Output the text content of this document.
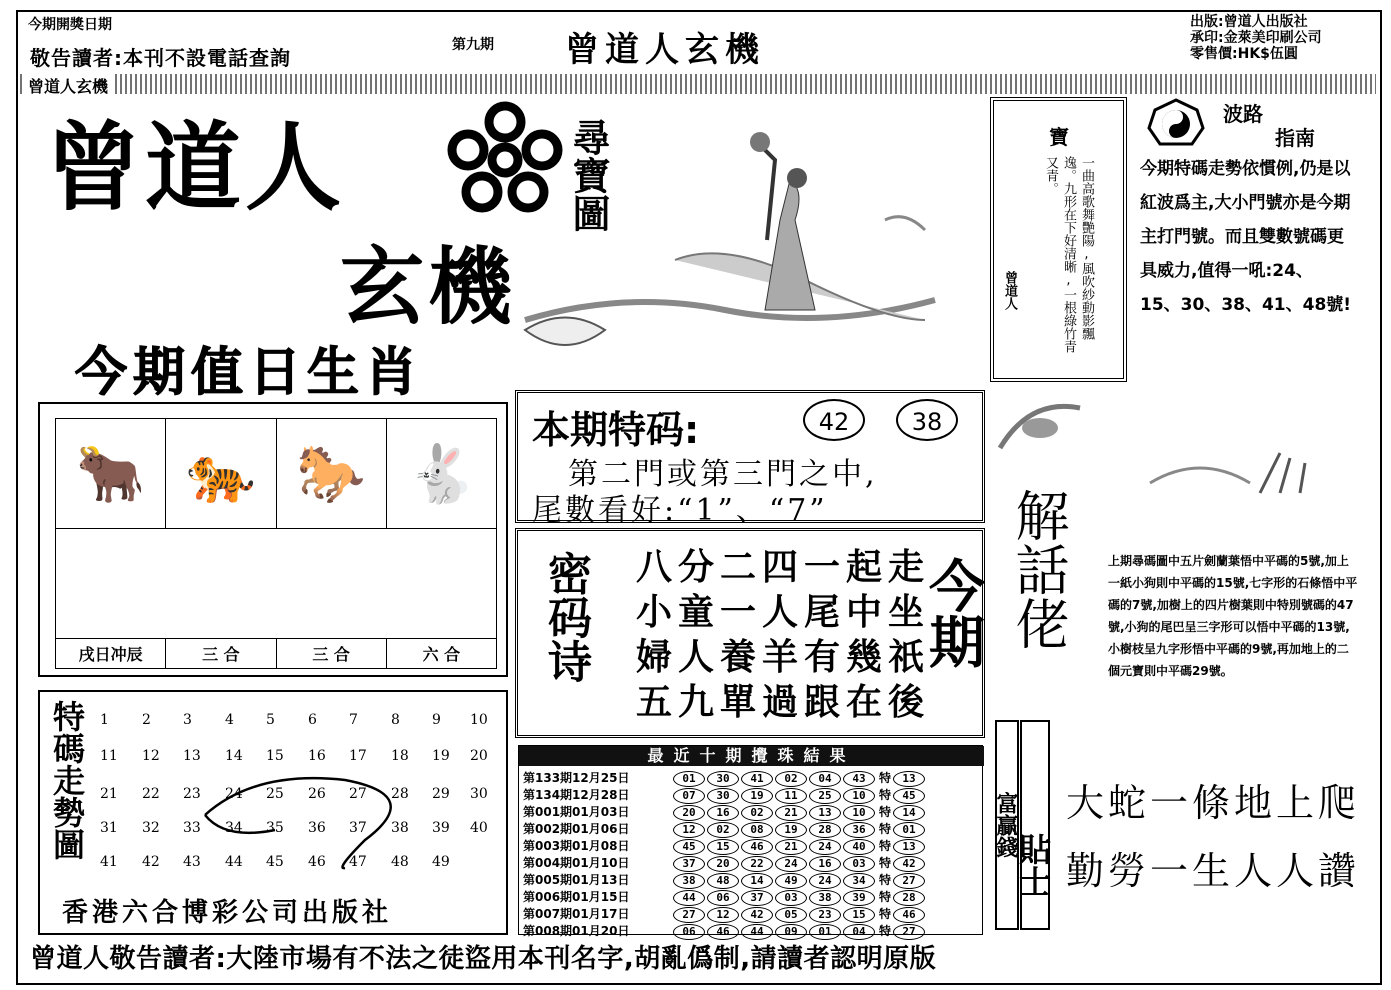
今期開獎日期
敬告讀者:本刊不設電話查詢
第九期 曾道人玄機
出版:曾道人出版社
承印:金萊美印刷公司
零售價:HK$伍圓
曾道人玄機
曾道人	尋寶圖
玄機
寶
一曲高歌舞艷陽,風吹紗動影飄逸。九形在下好清晰,一根綠竹青又青。
曾道人
波路
指南
今期特碼走勢依慣例,仍是以紅波爲主,大小門號亦是今期主打門號。而且雙數號碼更具威力,值得一吼:24、15、30、38、41、48號!
今期值日生肖
🐂	🐅	🐎	🐇

戌日冲辰	三 合	三 合	六 合
本期特码:	42	38
第二門或第三門之中,
尾數看好:“1”、“7”
密码诗 八分二四一起走
小童一人尾中坐
婦人養羊有幾祇
五九單過跟在後
今期 解話佬	上期尋碼圖中五片劍蘭葉悟中平碼的5號,加上一紙小狗則中平碼的15號,七字形的石條悟中平碼的7號,加樹上的四片樹葉則中特別號碼的47號,小狗的尾巴呈三字形可以悟中平碼的13號,小樹枝呈九字形悟中平碼的9號,再加地上的二個元寶則中平碼29號。
特碼走勢圖 1 2 3 4 5 6 7 8 9 10
11 12 13 14 15 16 17 18 19 20
21 22 23 24 25 26 27 28 29 30
31 32 33 34 35 36 37 38 39 40
41 42 43 44 45 46 47 48 49
香港六合博彩公司出版社
最近十期攪珠結果
第133期12月25日	01 30 41 02 04 43 特 13
第134期12月28日	07 30 19 11 25 10 特 45
第001期01月03日	20 16 02 21 13 10 特 14
第002期01月06日	12 02 08 19 28 36 特 01
第003期01月08日	45 15 46 21 24 40 特 13
第004期01月10日	37 20 22 24 16 03 特 42
第005期01月13日	38 48 14 49 24 34 特 27
第006期01月15日	44 06 37 03 38 39 特 28
第007期01月17日	27 12 42 05 23 15 特 46
第008期01月20日	06 46 44 09 01 04 特 27
富贏錢
貼士
大蛇一條地上爬
勤勞一生人人讚
曾道人敬告讀者:大陸市場有不法之徒盜用本刊名字,胡亂僞制,請讀者認明原版
